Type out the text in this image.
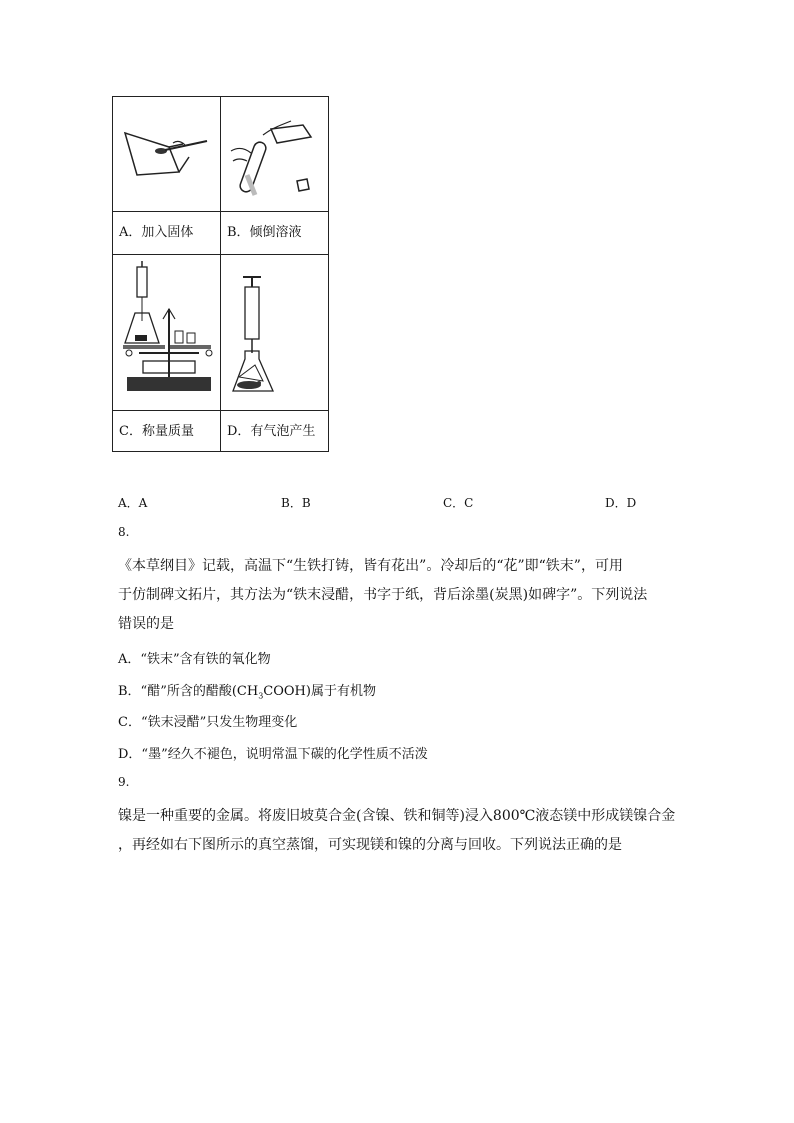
A．加入固体	B．倾倒溶液
C．称量质量	D．有气泡产生
A．A	B．B	C．C	D．D
8.
《本草纲目》记载，高温下“生铁打铸，皆有花出”。冷却后的“花”即“铁末”，可用
于仿制碑文拓片，其方法为“铁末浸醋，书字于纸，背后涂墨(炭黑)如碑字”。下列说法
错误的是
A．“铁末”含有铁的氧化物
B．“醋”所含的醋酸$(CH_3COOH)$属于有机物
C．“铁末浸醋”只发生物理变化
D．“墨”经久不褪色，说明常温下碳的化学性质不活泼
9.
镍是一种重要的金属。将废旧坡莫合金(含镍、铁和铜等)浸入800℃液态镁中形成镁镍合金
，再经如右下图所示的真空蒸馏，可实现镁和镍的分离与回收。下列说法正确的是
